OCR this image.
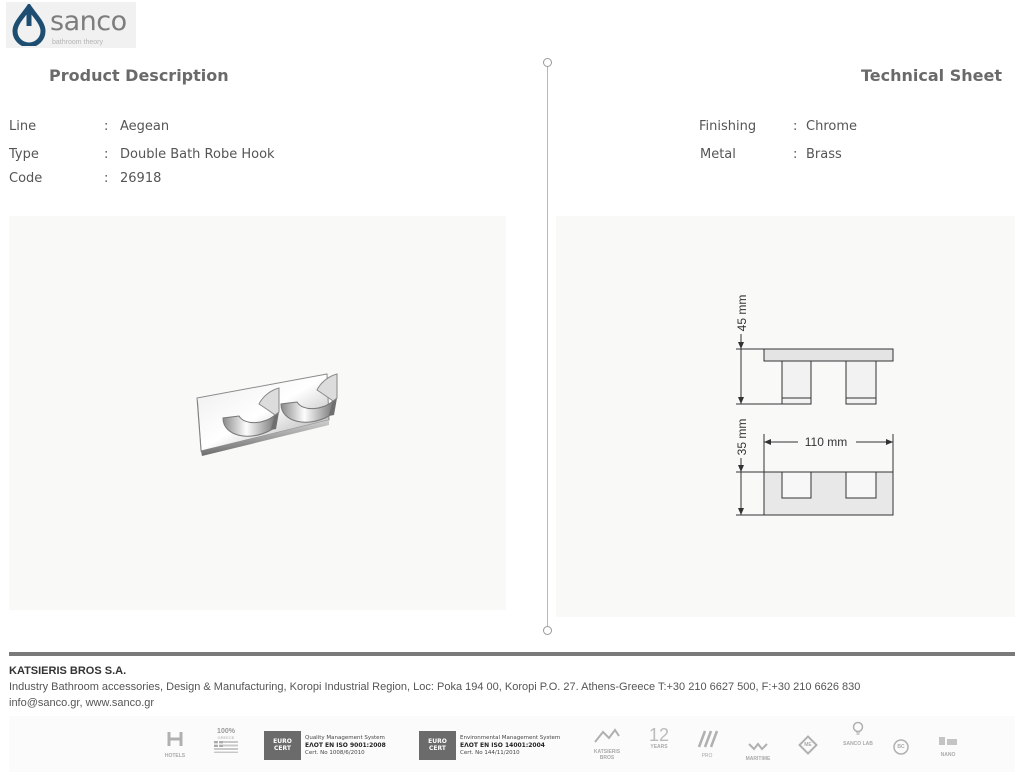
sanco
bathroom theory
Product Description	Technical Sheet
Line	: Aegean
Type	: Double Bath Robe Hook
Code	: 26918
Finishing	: Chrome
Metal	: Brass
45 mm
35 mm	110 mm
KATSIERIS BROS S.A.
Industry Bathroom accessories, Design & Manufacturing, Koropi Industrial Region, Loc: Poka 194 00, Koropi P.O. 27. Athens-Greece T:+30 210 6627 500, F:+30 210 6626 830
info@sanco.gr, www.sanco.gr
HOTELS
100%
GREECE
EURO CERT
Quality Management System
ΕΛΟΤ EN ISO 9001:2008
Cert. No 1008/6/2010
EURO CERT
Environmental Management System
ΕΛΟΤ EN ISO 14001:2004
Cert. No 144/11/2010	KATSIERIS BROS
12
YEARS
PRO	MARITIME
ME	SANCO LAB	BC
NANO
